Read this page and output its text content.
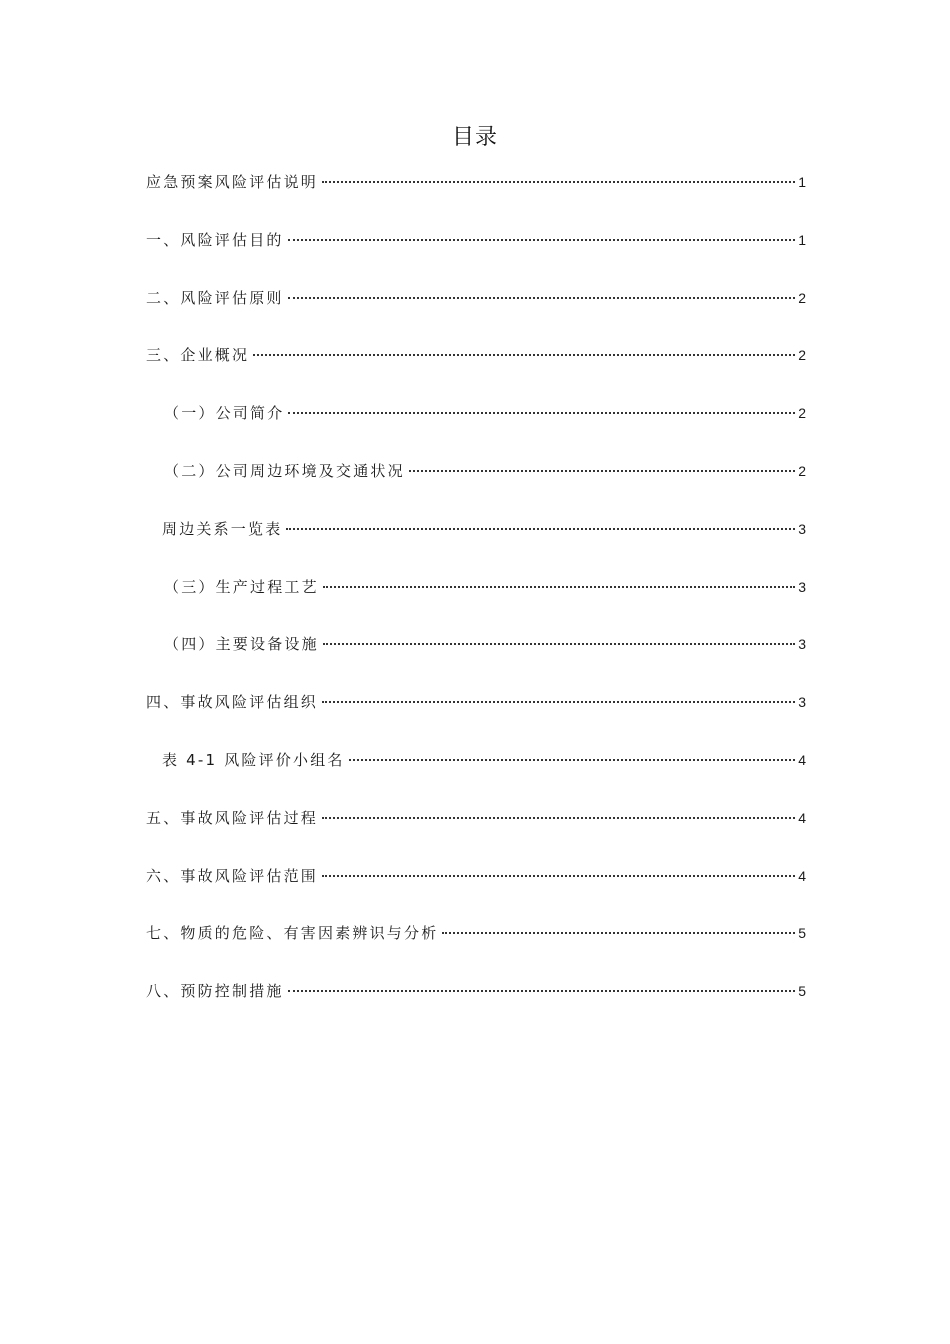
目录
应急预案风险评估说明	1
一、风险评估目的	1
二、风险评估原则	2
三、企业概况	2
（一）公司简介	2
（二）公司周边环境及交通状况	2
周边关系一览表	3
（三）生产过程工艺	3
（四）主要设备设施	3
四、事故风险评估组织	3
表 4-1 风险评价小组名	4
五、事故风险评估过程	4
六、事故风险评估范围	4
七、物质的危险、有害因素辨识与分析	5
八、预防控制措施	5
